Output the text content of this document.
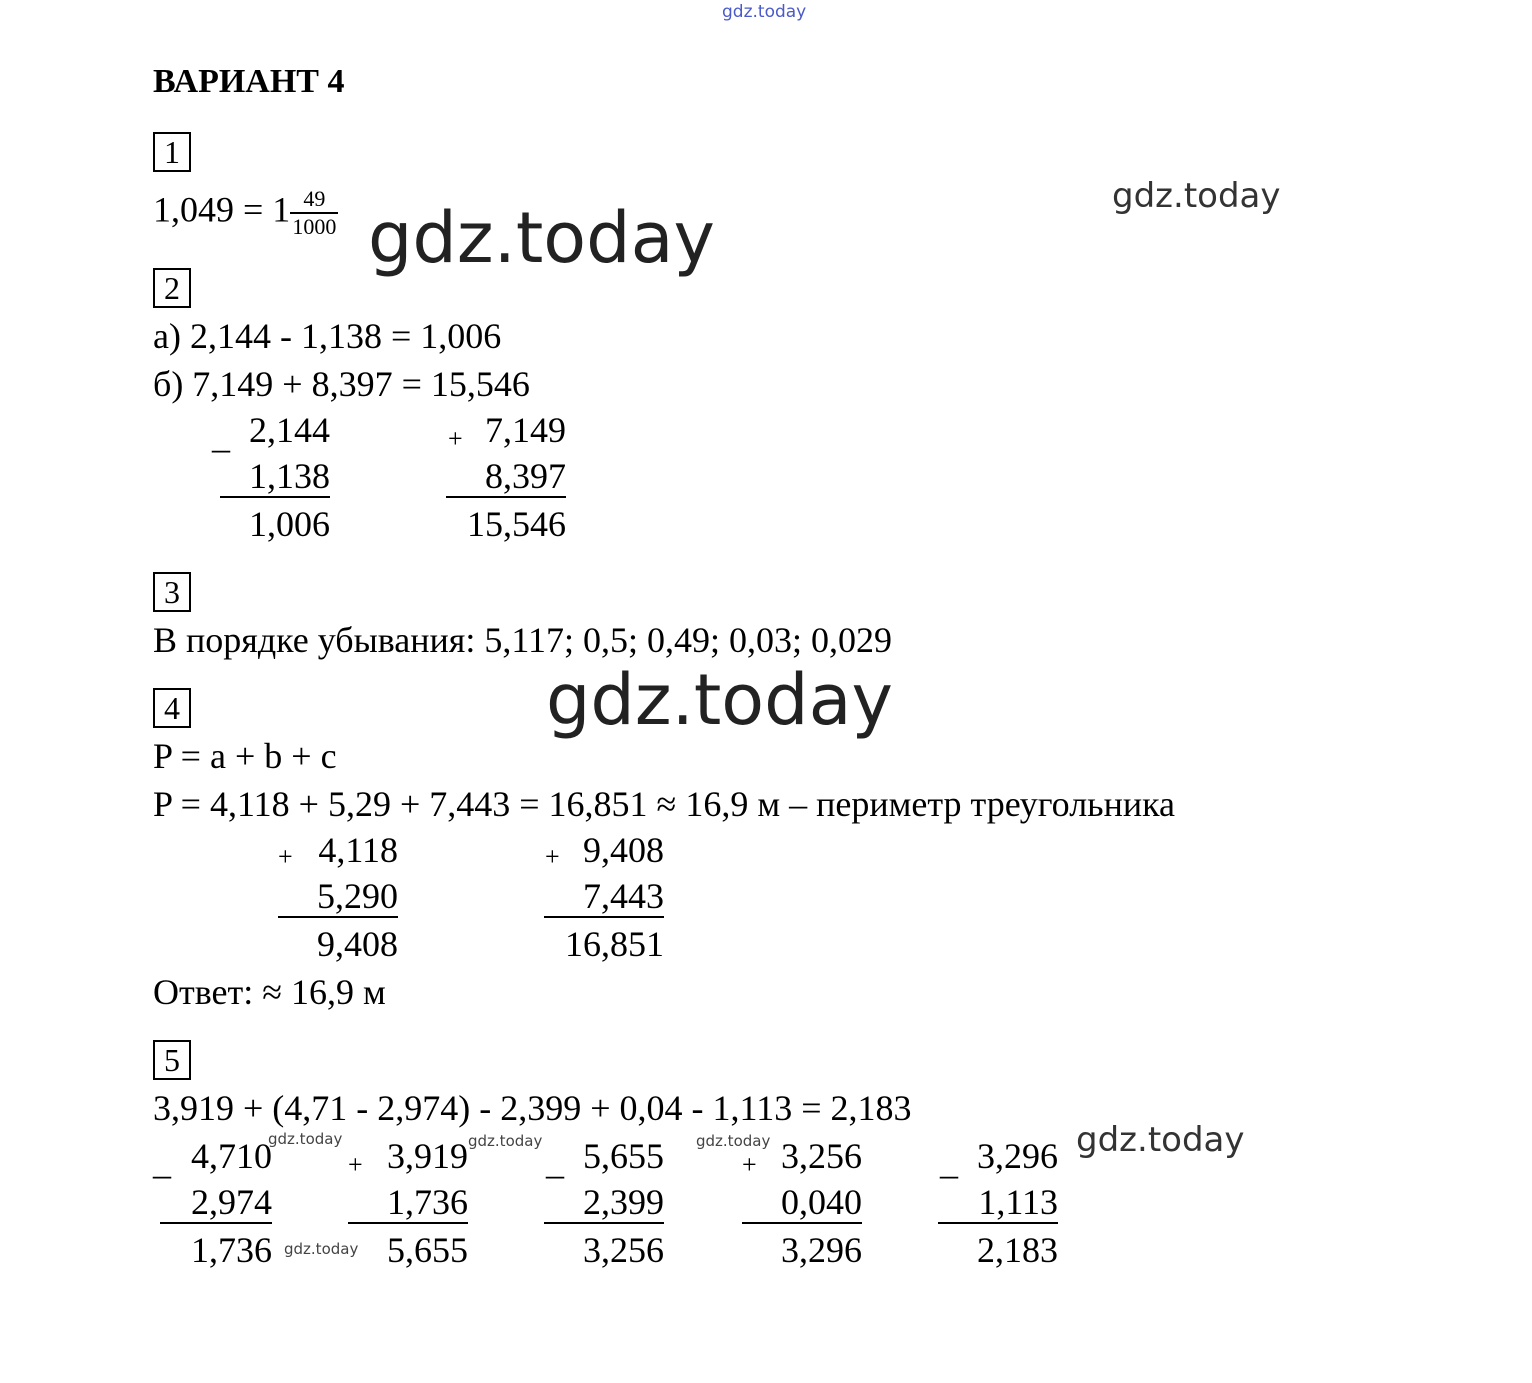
gdz.today
gdz.today
gdz.today
gdz.today
gdz.today
gdz.today	gdz.today	gdz.today
gdz.today
ВАРИАНТ 4
1
$1,049 = 1 \frac{49}{1000}$
2
а) 2,144 - 1,138 = 1,006
б) 7,149 + 8,397 = 15,546
_ 2,144
1,138
1,006
+ 7,149
8,397
15,546
3
В порядке убывания: 5,117; 0,5; 0,49; 0,03; 0,029
4
P = a + b + c
P = 4,118 + 5,29 + 7,443 = 16,851 ≈ 16,9 м – периметр треугольника
+ 4,118
5,290
9,408
+ 9,408
7,443
16,851
Ответ: ≈ 16,9 м
5
3,919 + (4,71 - 2,974) - 2,399 + 0,04 - 1,113 = 2,183
_ 4,710
2,974
1,736
+ 3,919
1,736
5,655
_ 5,655
2,399
3,256
+ 3,256
0,040
3,296
_ 3,296
1,113
2,183
